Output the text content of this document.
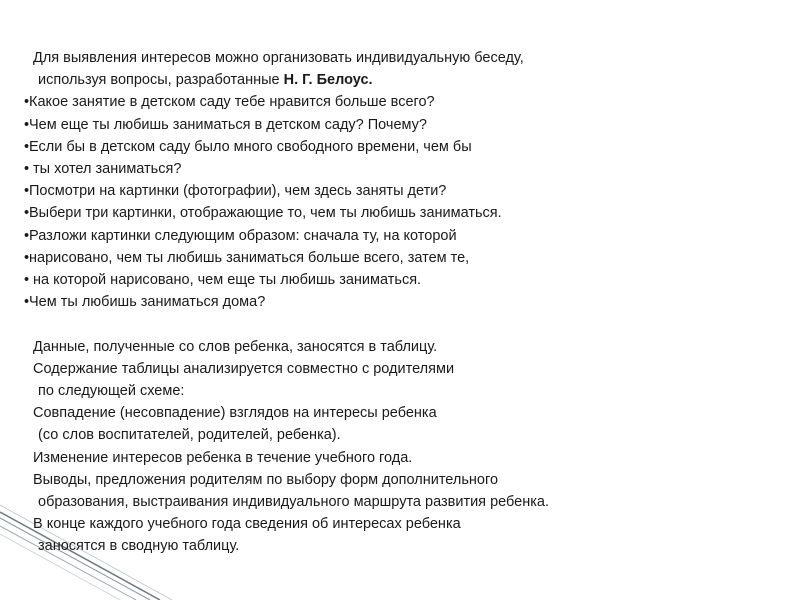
Для выявления интересов можно организовать индивидуальную беседу,
используя вопросы, разработанные Н. Г. Белоус.
• Какое занятие в детском саду тебе нравится больше всего?
• Чем еще ты любишь заниматься в детском саду? Почему?
• Если бы в детском саду было много свободного времени, чем бы
• ты хотел заниматься?
• Посмотри на картинки (фотографии), чем здесь заняты дети?
• Выбери три картинки, отображающие то, чем ты любишь заниматься.
• Разложи картинки следующим образом: сначала ту, на которой
• нарисовано, чем ты любишь заниматься больше всего, затем те,
• на которой нарисовано, чем еще ты любишь заниматься.
• Чем ты любишь заниматься дома?
Данные, полученные со слов ребенка, заносятся в таблицу.
Содержание таблицы анализируется совместно с родителями
по следующей схеме:
Совпадение (несовпадение) взглядов на интересы ребенка
(со слов воспитателей, родителей, ребенка).
Изменение интересов ребенка в течение учебного года.
Выводы, предложения родителям по выбору форм дополнительного
образования, выстраивания индивидуального маршрута развития ребенка.
В конце каждого учебного года сведения об интересах ребенка
заносятся в сводную таблицу.
